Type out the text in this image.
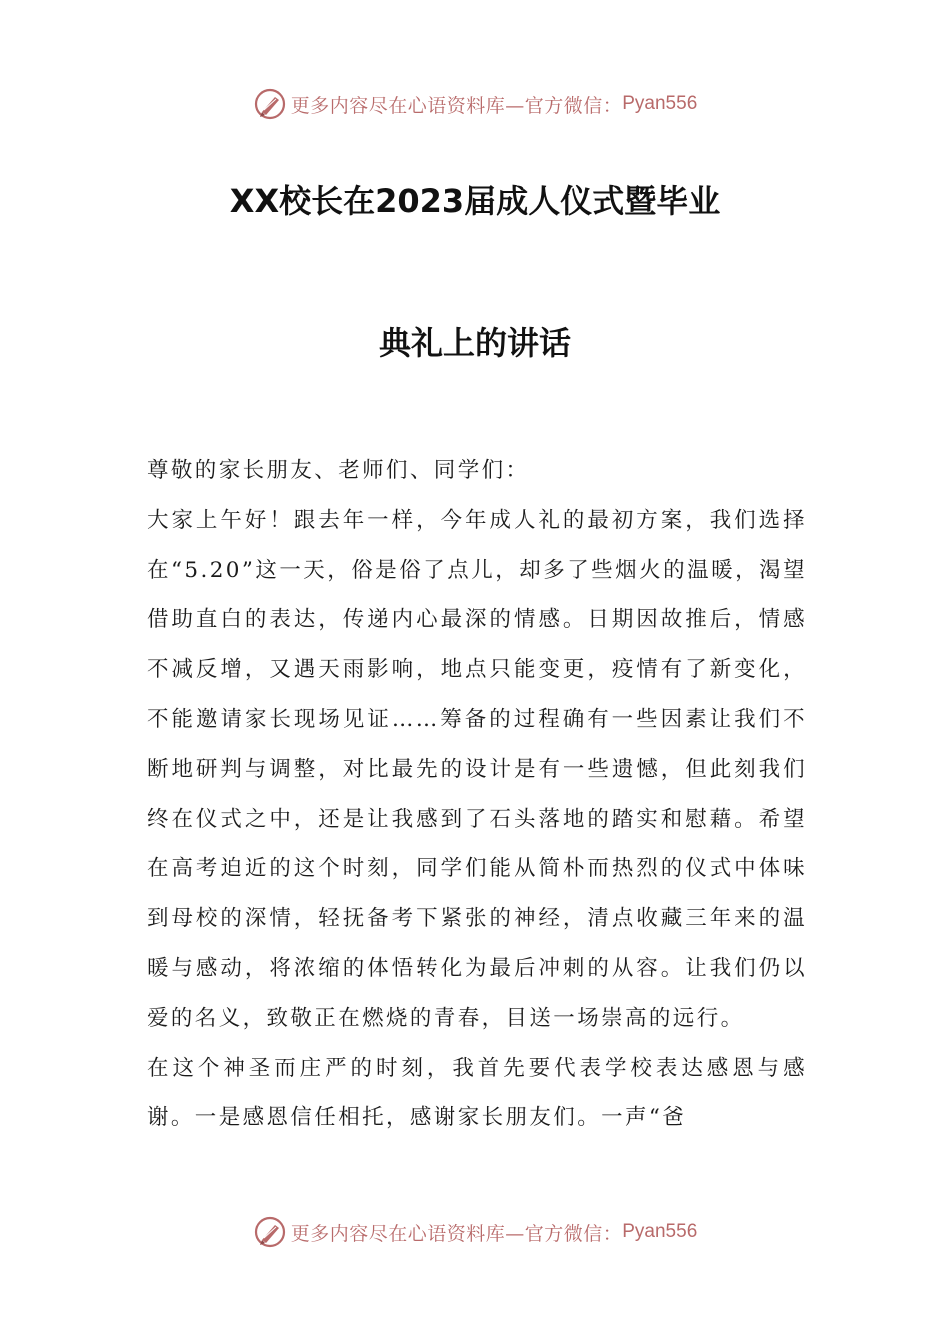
更多内容尽在心语资料库—官方微信： Pyan556
XX校长在2023届成人仪式暨毕业
典礼上的讲话

尊敬的家长朋友、老师们、同学们：

大家上午好！跟去年一样，今年成人礼的最初方案，我们选择在“5.20”这一天，俗是俗了点儿，却多了些烟火的温暖，渴望借助直白的表达，传递内心最深的情感。日期因故推后，情感不减反增，又遇天雨影响，地点只能变更，疫情有了新变化，不能邀请家长现场见证……筹备的过程确有一些因素让我们不断地研判与调整，对比最先的设计是有一些遗憾，但此刻我们终在仪式之中，还是让我感到了石头落地的踏实和慰藉。希望在高考迫近的这个时刻，同学们能从简朴而热烈的仪式中体味到母校的深情，轻抚备考下紧张的神经，清点收藏三年来的温暖与感动，将浓缩的体悟转化为最后冲刺的从容。让我们仍以爱的名义，致敬正在燃烧的青春，目送一场崇高的远行。

在这个神圣而庄严的时刻，我首先要代表学校表达感恩与感谢。一是感恩信任相托，感谢家长朋友们。一声“爸

更多内容尽在心语资料库—官方微信： Pyan556
